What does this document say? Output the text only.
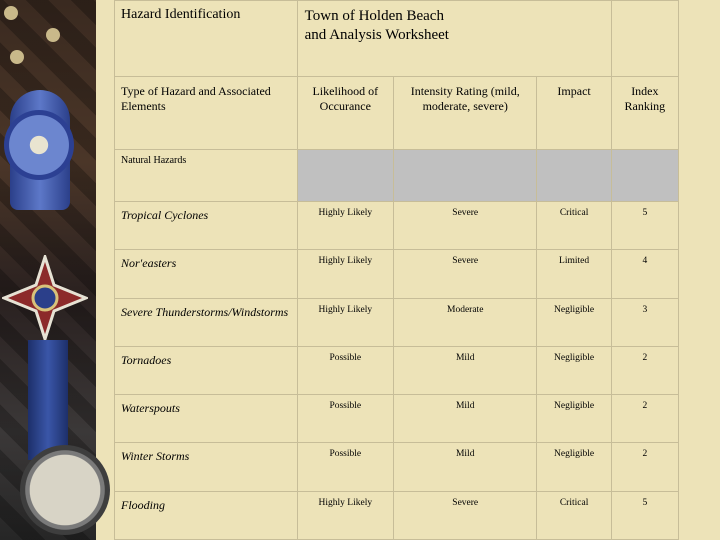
Hazard Identification	Town of Holden Beach
and Analysis Worksheet			

Type of Hazard and Associated Elements	Likelihood of Occurance	Intensity Rating (mild, moderate, severe)	Impact	Index Ranking
Natural Hazards				
Tropical Cyclones	Highly Likely	Severe	Critical	5
Nor'easters	Highly Likely	Severe	Limited	4
Severe Thunderstorms/Windstorms	Highly Likely	Moderate	Negligible	3
Tornadoes	Possible	Mild	Negligible	2
Waterspouts	Possible	Mild	Negligible	2
Winter Storms	Possible	Mild	Negligible	2
Flooding	Highly Likely	Severe	Critical	5
